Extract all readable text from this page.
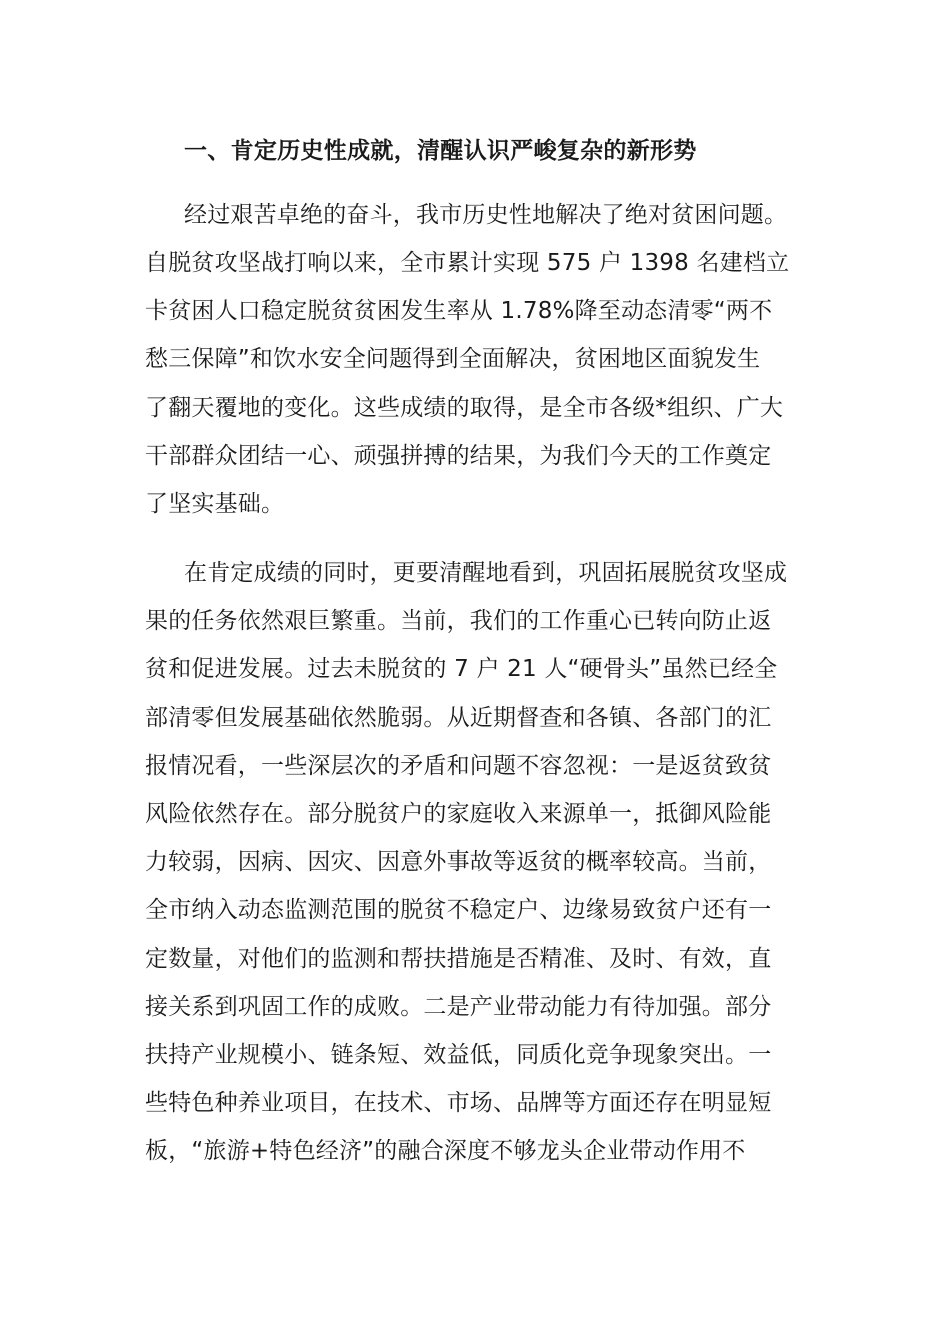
一、肯定历史性成就，清醒认识严峻复杂的新形势
经过艰苦卓绝的奋斗，我市历史性地解决了绝对贫困问题。
自脱贫攻坚战打响以来，全市累计实现 575 户 1398 名建档立
卡贫困人口稳定脱贫贫困发生率从 1.78%降至动态清零“两不
愁三保障”和饮水安全问题得到全面解决，贫困地区面貌发生
了翻天覆地的变化。这些成绩的取得，是全市各级*组织、广大
干部群众团结一心、顽强拼搏的结果，为我们今天的工作奠定
了坚实基础。
在肯定成绩的同时，更要清醒地看到，巩固拓展脱贫攻坚成
果的任务依然艰巨繁重。当前，我们的工作重心已转向防止返
贫和促进发展。过去未脱贫的 7 户 21 人“硬骨头”虽然已经全
部清零但发展基础依然脆弱。从近期督查和各镇、各部门的汇
报情况看，一些深层次的矛盾和问题不容忽视：一是返贫致贫
风险依然存在。部分脱贫户的家庭收入来源单一，抵御风险能
力较弱，因病、因灾、因意外事故等返贫的概率较高。当前，
全市纳入动态监测范围的脱贫不稳定户、边缘易致贫户还有一
定数量，对他们的监测和帮扶措施是否精准、及时、有效，直
接关系到巩固工作的成败。二是产业带动能力有待加强。部分
扶持产业规模小、链条短、效益低，同质化竞争现象突出。一
些特色种养业项目，在技术、市场、品牌等方面还存在明显短
板，“旅游+特色经济”的融合深度不够龙头企业带动作用不
